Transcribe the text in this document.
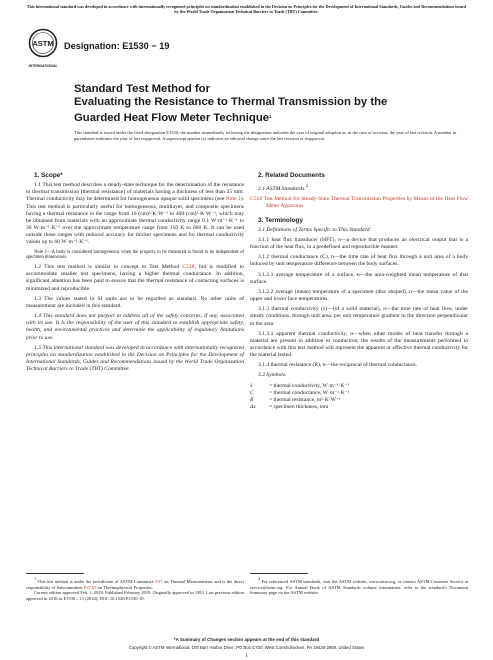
This international standard was developed in accordance with internationally recognized principles on standardization established in the Decision on Principles for the Development of International Standards, Guides and Recommendations issued by the World Trade Organization Technical Barriers to Trade (TBT) Committee.
ASTM
INTERNATIONAL
Designation: E1530 − 19
Standard Test Method for
Evaluating the Resistance to Thermal Transmission by the
Guarded Heat Flow Meter Technique$^1$
This standard is issued under the fixed designation E1530; the number immediately following the designation indicates the year of original adoption or, in the case of revision, the year of last revision. A number in parentheses indicates the year of last reapproval. A superscript epsilon (ε) indicates an editorial change since the last revision or reapproval.

1. Scope*

1.1 This test method describes a steady-state technique for the determination of the resistance to thermal transmission (thermal resistance) of materials having a thickness of less than 25 mm. Thermal conductivity may be determined for homogeneous opaque solid specimens (see Note 1). This test method is particularly useful for homogeneous, multilayer, and composite specimens having a thermal resistance in the range from 10 (cm)²·K·W⁻¹ to 400 (cm)²·K·W⁻¹, which may be obtained from materials with an approximate thermal conductivity range 0.1 W·m⁻¹·K⁻¹ to 30 W·m⁻¹·K⁻¹ over the approximate temperature range from 150 K to 600 K. It can be used outside these ranges with reduced accuracy for thicker specimens and for thermal conductivity values up to 60 W·m⁻¹·K⁻¹.

Note 1—A body is considered homogeneous when the property to be measured is found to be independent of specimen dimensions.

1.2 This test method is similar in concept to Test Method C518, but is modified to accommodate smaller test specimens, having a higher thermal conductance. In addition, significant attention has been paid to ensure that the thermal resistance of contacting surfaces is minimized and reproducible.

1.3 The values stated in SI units are to be regarded as standard. No other units of measurement are included in this standard.

1.4 This standard does not purport to address all of the safety concerns, if any, associated with its use. It is the responsibility of the user of this standard to establish appropriate safety, health, and environmental practices and determine the applicability of regulatory limitations prior to use.

1.5 This international standard was developed in accordance with internationally recognized principles on standardization established in the Decision on Principles for the Development of International Standards, Guides and Recommendations issued by the World Trade Organization Technical Barriers to Trade (TBT) Committee.

2. Related Documents

2.1 ASTM Standards:$^2$

C518 Test Method for Steady-State Thermal Transmission Properties by Means of the Heat Flow Meter Apparatus

3. Terminology

3.1 Definitions of Terms Specific to This Standard:

3.1.1 heat flux transducer (HFT), n—a device that produces an electrical output that is a function of the heat flux, in a predefined and reproducible manner.

3.1.2 thermal conductance (C), n—the time rate of heat flux through a unit area of a body induced by unit temperature difference between the body surfaces.

3.1.2.1 average temperature of a surface, n—the area-weighted mean temperature of that surface.

3.1.2.2 average (mean) temperature of a specimen (disc shaped), n—the mean value of the upper and lower face temperatures.

3.1.3 thermal conductivity (λ)—(of a solid material), n—the time rate of heat flow, under steady conditions, through unit area, per unit temperature gradient in the direction perpendicular to the area:

3.1.3.1 apparent thermal conductivity, n—when other modes of heat transfer through a material are present in addition to conduction, the results of the measurements performed in accordance with this test method will represent the apparent or effective thermal conductivity for the material tested.

3.1.4 thermal resistance (R), n—the reciprocal of thermal conductance.

3.2 Symbols:

λ	= thermal conductivity, W·m⁻¹·K⁻¹
C	= thermal conductance, W·m⁻²·K⁻¹
R	= thermal resistance, m²·K·W⁻¹
Δx	= specimen thickness, mm
$^1$ This test method is under the jurisdiction of ASTM Committee E37 on Thermal Measurements and is the direct responsibility of Subcommittee E37.05 on Thermophysical Properties.
Current edition approved Feb. 1, 2019. Published February 2019. Originally approved in 1993. Last previous edition approved in 2016 as E1530 – 11 (2016). DOI: 10.1520/E1530-19.
$^2$ For referenced ASTM standards, visit the ASTM website, www.astm.org, or contact ASTM Customer Service at service@astm.org. For Annual Book of ASTM Standards volume information, refer to the standard’s Document Summary page on the ASTM website.
*A Summary of Changes section appears at the end of this standard
Copyright © ASTM International, 100 Barr Harbor Drive, PO Box C700, West Conshohocken, PA 19428-2959. United States
1
